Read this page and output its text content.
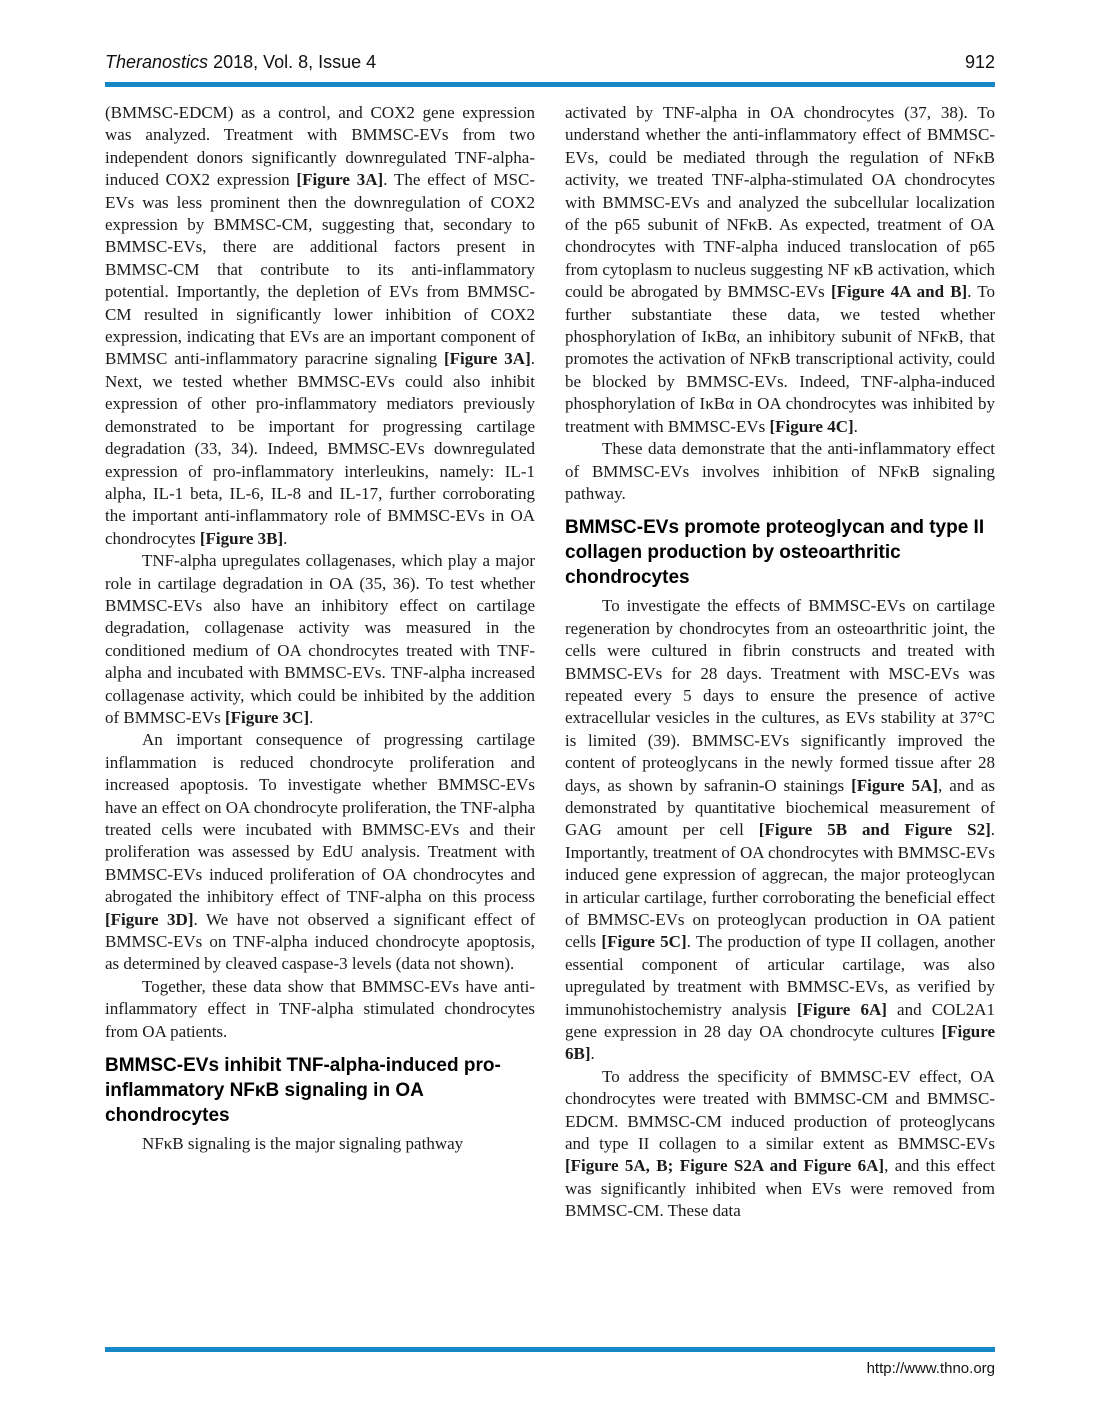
Theranostics 2018, Vol. 8, Issue 4	912

(BMMSC-EDCM) as a control, and COX2 gene expression was analyzed. Treatment with BMMSC-EVs from two independent donors significantly downregulated TNF-alpha-induced COX2 expression [Figure 3A]. The effect of MSC-EVs was less prominent then the downregulation of COX2 expression by BMMSC-CM, suggesting that, secondary to BMMSC-EVs, there are additional factors present in BMMSC-CM that contribute to its anti-inflammatory potential. Importantly, the depletion of EVs from BMMSC-CM resulted in significantly lower inhibition of COX2 expression, indicating that EVs are an important component of BMMSC anti-inflammatory paracrine signaling [Figure 3A]. Next, we tested whether BMMSC-EVs could also inhibit expression of other pro-inflammatory mediators previously demonstrated to be important for progressing cartilage degradation (33, 34). Indeed, BMMSC-EVs downregulated expression of pro-inflammatory interleukins, namely: IL-1 alpha, IL-1 beta, IL-6, IL-8 and IL-17, further corroborating the important anti-inflammatory role of BMMSC-EVs in OA chondrocytes [Figure 3B].

TNF-alpha upregulates collagenases, which play a major role in cartilage degradation in OA (35, 36). To test whether BMMSC-EVs also have an inhibitory effect on cartilage degradation, collagenase activity was measured in the conditioned medium of OA chondrocytes treated with TNF-alpha and incubated with BMMSC-EVs. TNF-alpha increased collagenase activity, which could be inhibited by the addition of BMMSC-EVs [Figure 3C].

An important consequence of progressing cartilage inflammation is reduced chondrocyte proliferation and increased apoptosis. To investigate whether BMMSC-EVs have an effect on OA chondrocyte proliferation, the TNF-alpha treated cells were incubated with BMMSC-EVs and their proliferation was assessed by EdU analysis. Treatment with BMMSC-EVs induced proliferation of OA chondrocytes and abrogated the inhibitory effect of TNF-alpha on this process [Figure 3D]. We have not observed a significant effect of BMMSC-EVs on TNF-alpha induced chondrocyte apoptosis, as determined by cleaved caspase-3 levels (data not shown).

Together, these data show that BMMSC-EVs have anti-inflammatory effect in TNF-alpha stimulated chondrocytes from OA patients.

BMMSC-EVs inhibit TNF-alpha-induced pro-inflammatory NFκB signaling in OA chondrocytes

NFκB signaling is the major signaling pathway

activated by TNF-alpha in OA chondrocytes (37, 38). To understand whether the anti-inflammatory effect of BMMSC-EVs, could be mediated through the regulation of NFκB activity, we treated TNF-alpha-stimulated OA chondrocytes with BMMSC-EVs and analyzed the subcellular localization of the p65 subunit of NFκB. As expected, treatment of OA chondrocytes with TNF-alpha induced translocation of p65 from cytoplasm to nucleus suggesting NF κB activation, which could be abrogated by BMMSC-EVs [Figure 4A and B]. To further substantiate these data, we tested whether phosphorylation of IκBα, an inhibitory subunit of NFκB, that promotes the activation of NFκB transcriptional activity, could be blocked by BMMSC-EVs. Indeed, TNF-alpha-induced phosphorylation of IκBα in OA chondrocytes was inhibited by treatment with BMMSC-EVs [Figure 4C].

These data demonstrate that the anti-inflammatory effect of BMMSC-EVs involves inhibition of NFκB signaling pathway.

BMMSC-EVs promote proteoglycan and type II collagen production by osteoarthritic chondrocytes

To investigate the effects of BMMSC-EVs on cartilage regeneration by chondrocytes from an osteoarthritic joint, the cells were cultured in fibrin constructs and treated with BMMSC-EVs for 28 days. Treatment with MSC-EVs was repeated every 5 days to ensure the presence of active extracellular vesicles in the cultures, as EVs stability at 37°C is limited (39). BMMSC-EVs significantly improved the content of proteoglycans in the newly formed tissue after 28 days, as shown by safranin-O stainings [Figure 5A], and as demonstrated by quantitative biochemical measurement of GAG amount per cell [Figure 5B and Figure S2]. Importantly, treatment of OA chondrocytes with BMMSC-EVs induced gene expression of aggrecan, the major proteoglycan in articular cartilage, further corroborating the beneficial effect of BMMSC-EVs on proteoglycan production in OA patient cells [Figure 5C]. The production of type II collagen, another essential component of articular cartilage, was also upregulated by treatment with BMMSC-EVs, as verified by immunohistochemistry analysis [Figure 6A] and COL2A1 gene expression in 28 day OA chondrocyte cultures [Figure 6B].

To address the specificity of BMMSC-EV effect, OA chondrocytes were treated with BMMSC-CM and BMMSC-EDCM. BMMSC-CM induced production of proteoglycans and type II collagen to a similar extent as BMMSC-EVs [Figure 5A, B; Figure S2A and Figure 6A], and this effect was significantly inhibited when EVs were removed from BMMSC-CM. These data

http://www.thno.org
